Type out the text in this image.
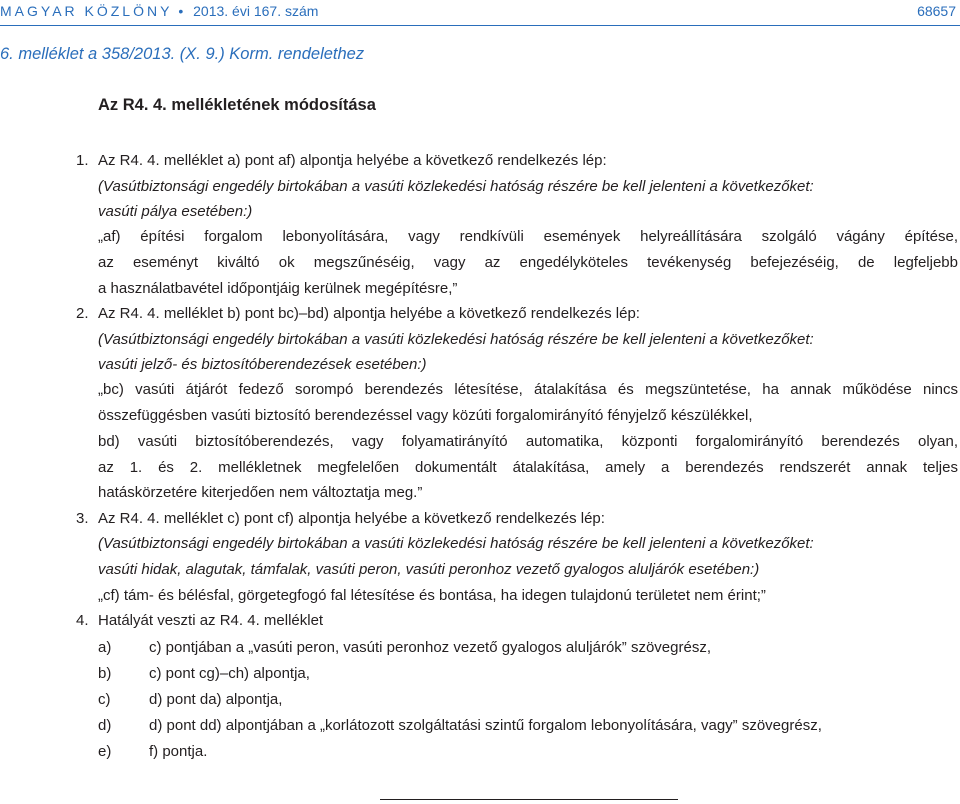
MAGYAR KÖZLÖNY • 2013. évi 167. szám	68657
6. melléklet a 358/2013. (X. 9.) Korm. rendelethez
Az R4. 4. mellékletének módosítása
1. Az R4. 4. melléklet a) pont af) alpontja helyébe a következő rendelkezés lép:
(Vasútbiztonsági engedély birtokában a vasúti közlekedési hatóság részére be kell jelenteni a következőket:
vasúti pálya esetében:)
„af) építési forgalom lebonyolítására, vagy rendkívüli események helyreállítására szolgáló vágány építése,
az eseményt kiváltó ok megszűnéséig, vagy az engedélyköteles tevékenység befejezéséig, de legfeljebb
a használatbavétel időpontjáig kerülnek megépítésre,”
2. Az R4. 4. melléklet b) pont bc)–bd) alpontja helyébe a következő rendelkezés lép:
(Vasútbiztonsági engedély birtokában a vasúti közlekedési hatóság részére be kell jelenteni a következőket:
vasúti jelző- és biztosítóberendezések esetében:)
„bc) vasúti átjárót fedező sorompó berendezés létesítése, átalakítása és megszüntetése, ha annak működése nincs
összefüggésben vasúti biztosító berendezéssel vagy közúti forgalomirányító fényjelző készülékkel,
bd) vasúti biztosítóberendezés, vagy folyamatirányító automatika, központi forgalomirányító berendezés olyan,
az 1. és 2. mellékletnek megfelelően dokumentált átalakítása, amely a berendezés rendszerét annak teljes
hatáskörzetére kiterjedően nem változtatja meg.”
3. Az R4. 4. melléklet c) pont cf) alpontja helyébe a következő rendelkezés lép:
(Vasútbiztonsági engedély birtokában a vasúti közlekedési hatóság részére be kell jelenteni a következőket:
vasúti hidak, alagutak, támfalak, vasúti peron, vasúti peronhoz vezető gyalogos aluljárók esetében:)
„cf) tám- és bélésfal, görgetegfogó fal létesítése és bontása, ha idegen tulajdonú területet nem érint;”
4. Hatályát veszti az R4. 4. melléklet
a)	c) pontjában a „vasúti peron, vasúti peronhoz vezető gyalogos aluljárók” szövegrész,
b)	c) pont cg)–ch) alpontja,
c)	d) pont da) alpontja,
d)	d) pont dd) alpontjában a „korlátozott szolgáltatási szintű forgalom lebonyolítására, vagy” szövegrész,
e)	f) pontja.
